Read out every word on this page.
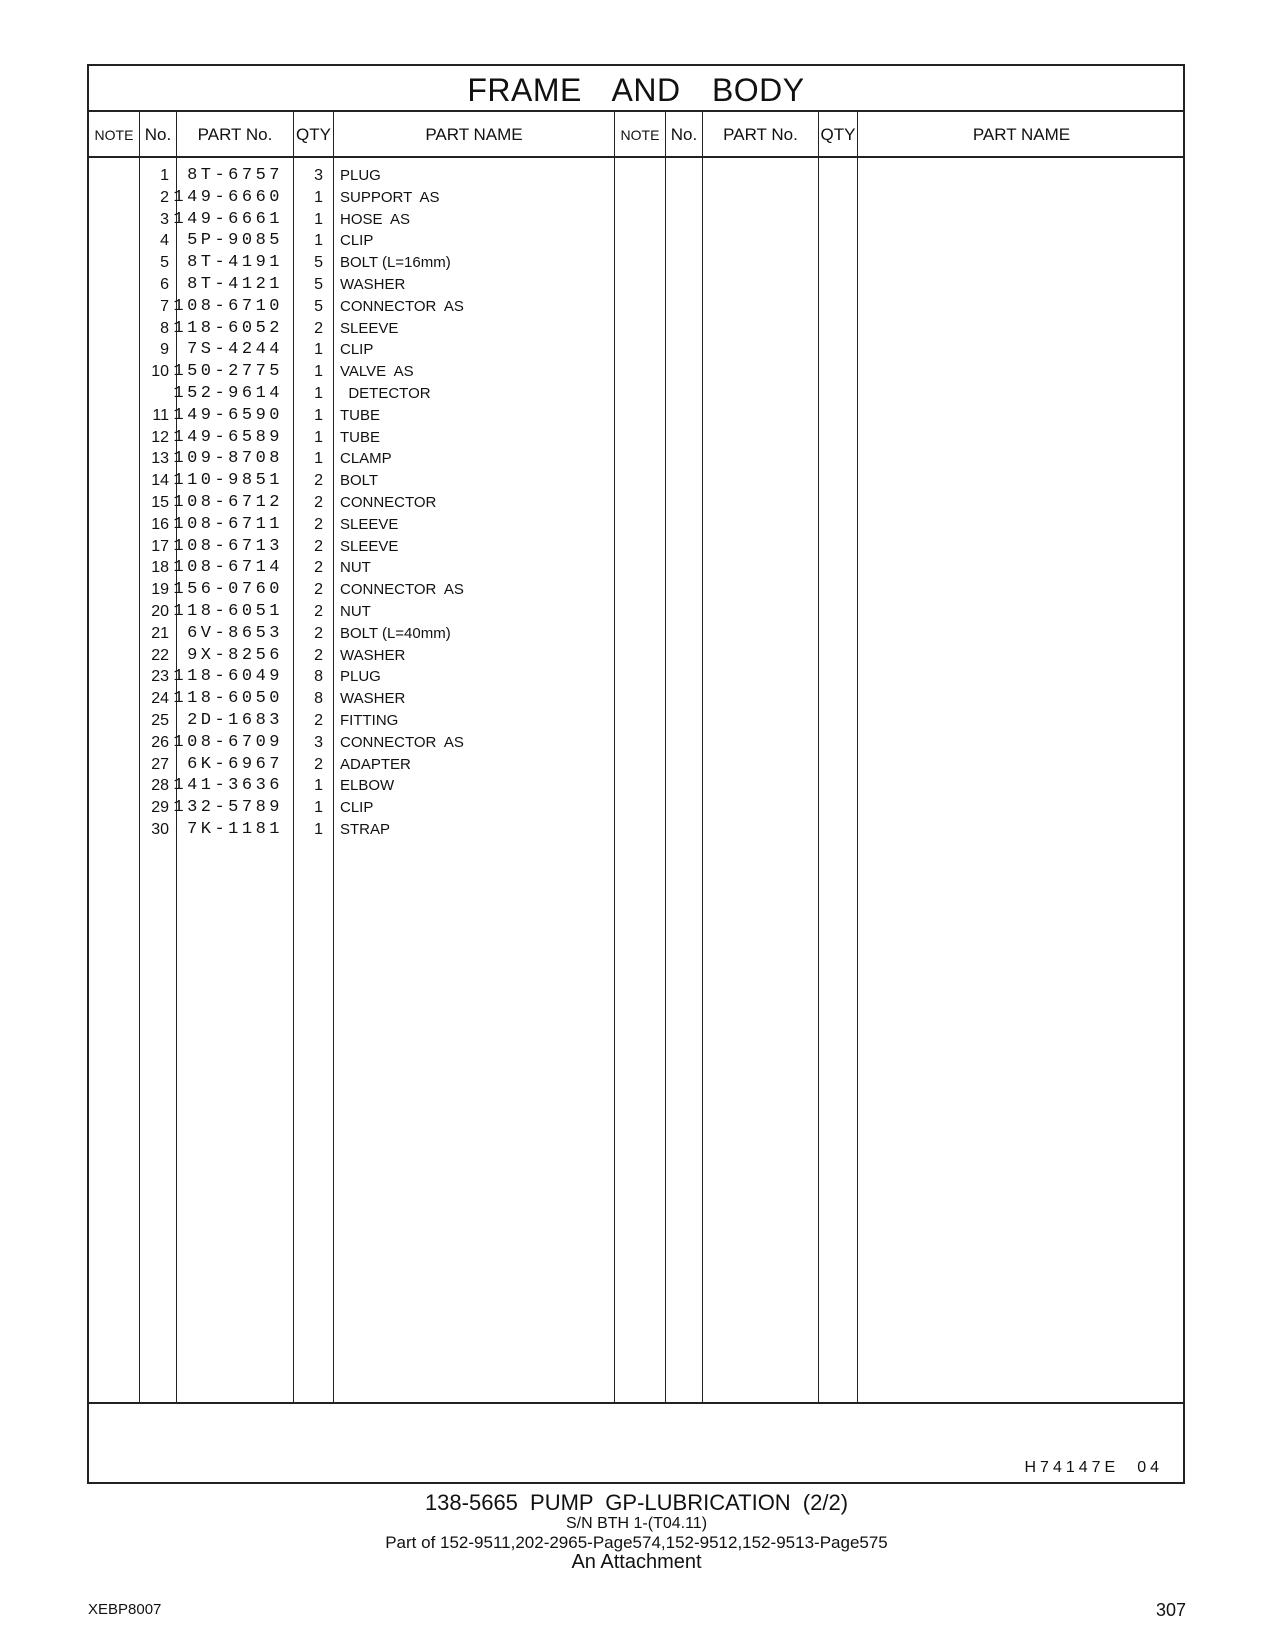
FRAME AND BODY
NOTE No.	PART No.	QTY	PART NAME	NOTE No.	PART No.	QTY	PART NAME
1	8T-6757	3 PLUG
2 149-6660	1 SUPPORT  AS
3 149-6661	1 HOSE  AS
4	5P-9085	1 CLIP
5	8T-4191	5 BOLT (L=16mm)
6	8T-4121	5 WASHER
7 108-6710	5 CONNECTOR  AS
8 118-6052	2 SLEEVE
9	7S-4244	1 CLIP
10 150-2775	1 VALVE  AS
152-9614	1 DETECTOR
11 149-6590	1 TUBE
12 149-6589	1 TUBE
13 109-8708	1 CLAMP
14 110-9851	2 BOLT
15 108-6712	2 CONNECTOR
16 108-6711	2 SLEEVE
17 108-6713	2 SLEEVE
18 108-6714	2 NUT
19 156-0760	2 CONNECTOR  AS
20 118-6051	2 NUT
21	6V-8653	2 BOLT (L=40mm)
22	9X-8256	2 WASHER
23 118-6049	8 PLUG
24 118-6050	8 WASHER
25	2D-1683	2 FITTING
26 108-6709	3 CONNECTOR  AS
27	6K-6967	2 ADAPTER
28 141-3636	1 ELBOW
29 132-5789	1 CLIP
30	7K-1181	1 STRAP
H74147E 04
138-5665 PUMP GP-LUBRICATION (2/2)
S/N BTH 1-(T04.11)
Part of 152-9511,202-2965-Page574,152-9512,152-9513-Page575
An Attachment
XEBP8007	307
